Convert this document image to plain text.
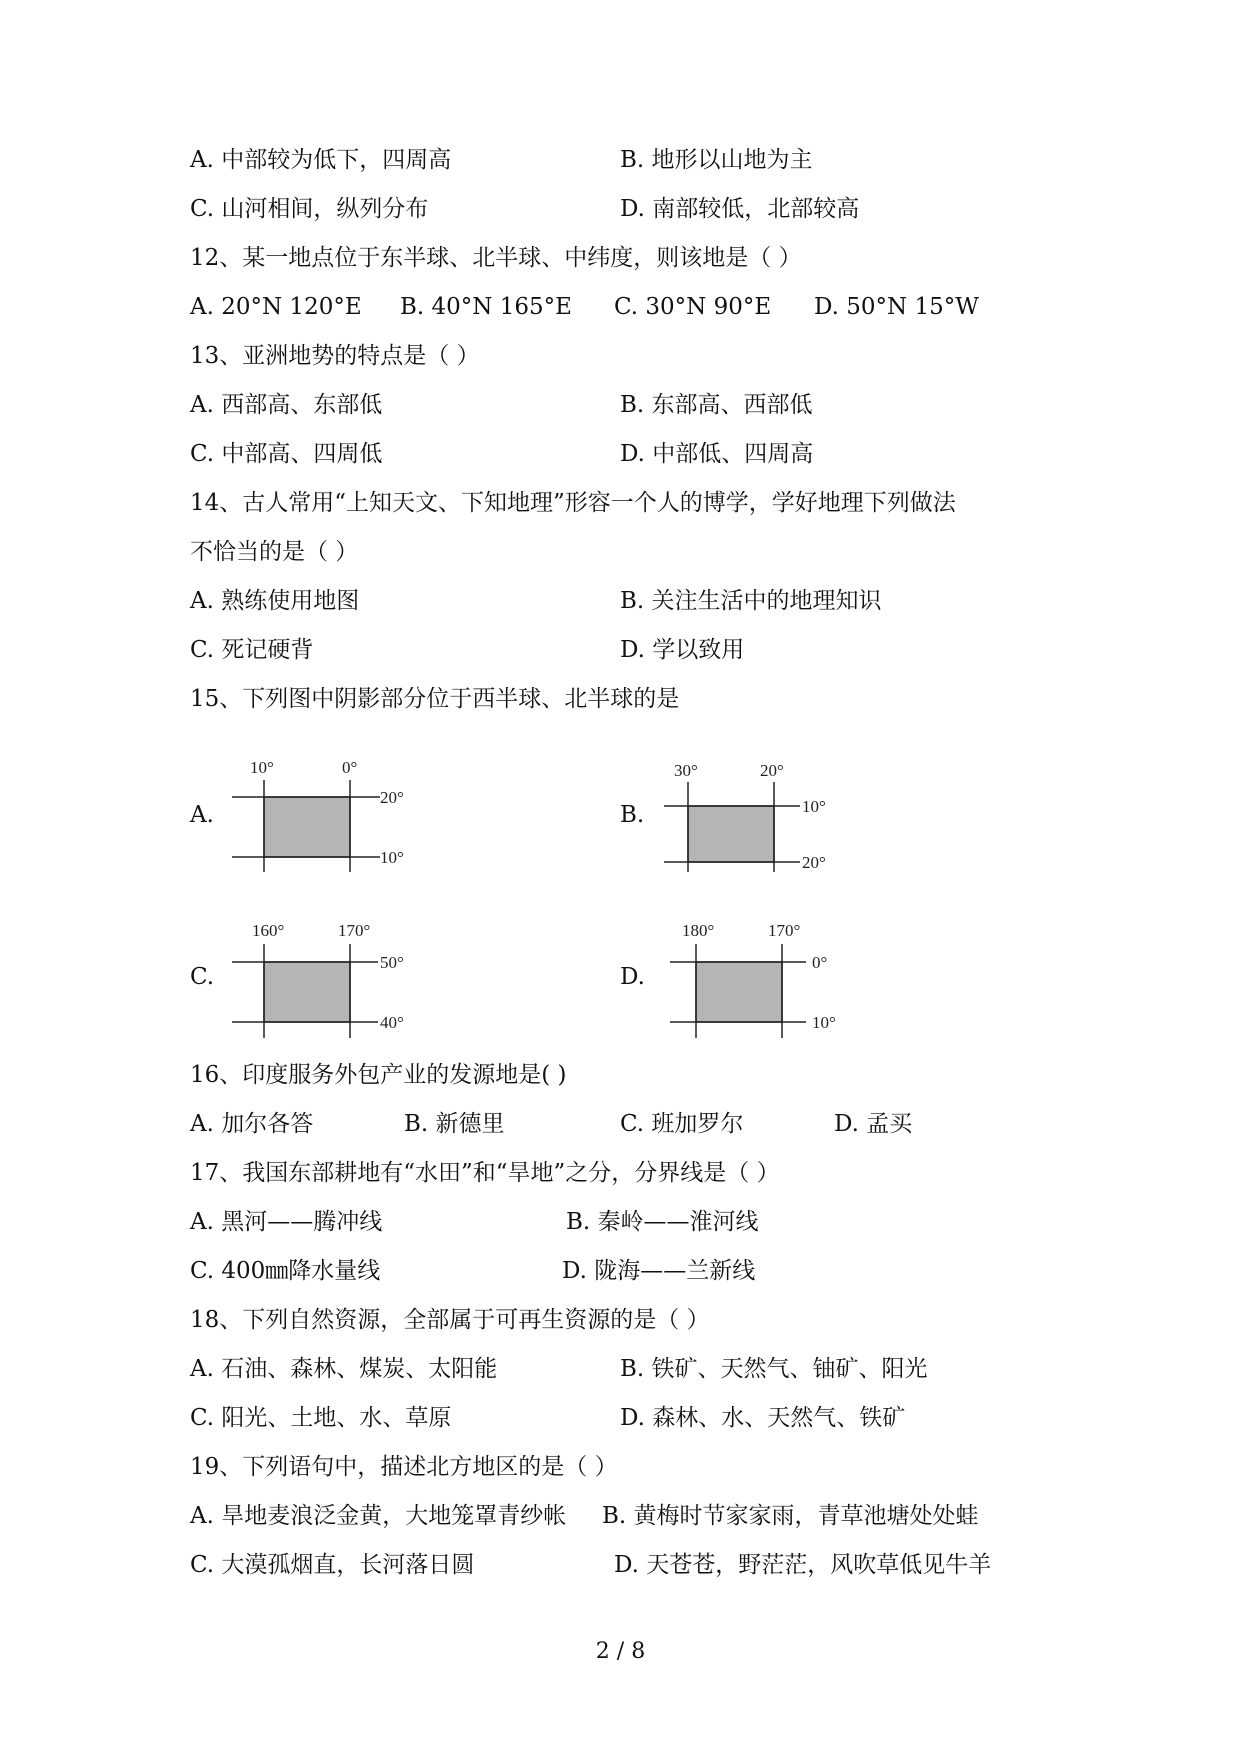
A. 中部较为低下，四周高	B. 地形以山地为主
C. 山河相间，纵列分布	D. 南部较低，北部较高
12、某一地点位于东半球、北半球、中纬度，则该地是（ ）
A. 20°N 120°E B. 40°N 165°E C. 30°N 90°E D. 50°N 15°W
13、亚洲地势的特点是（ ）
A. 西部高、东部低	B. 东部高、西部低
C. 中部高、四周低	D. 中部低、四周高
14、古人常用“上知天文、下知地理”形容一个人的博学，学好地理下列做法
不恰当的是（ ）
A. 熟练使用地图	B. 关注生活中的地理知识
C. 死记硬背	D. 学以致用
15、下列图中阴影部分位于西半球、北半球的是
16、印度服务外包产业的发源地是( )
A. 加尔各答	B. 新德里	C. 班加罗尔	D. 孟买
17、我国东部耕地有“水田”和“旱地”之分，分界线是（ ）
A. 黑河——腾冲线	B. 秦岭——淮河线
C. 400㎜降水量线	D. 陇海——兰新线
18、下列自然资源，全部属于可再生资源的是（ ）
A. 石油、森林、煤炭、太阳能	B. 铁矿、天然气、铀矿、阳光
C. 阳光、土地、水、草原	D. 森林、水、天然气、铁矿
19、下列语句中，描述北方地区的是（ ）
A. 旱地麦浪泛金黄，大地笼罩青纱帐 B. 黄梅时节家家雨，青草池塘处处蛙
C. 大漠孤烟直，长河落日圆	D. 天苍苍，野茫茫，风吹草低见牛羊
A.
10°	0°
20°
10°
B.
30°	20°
10°
20°
C.
160°	170°
50°
40°
D.
180°	170°
0°
10°
2 / 8
